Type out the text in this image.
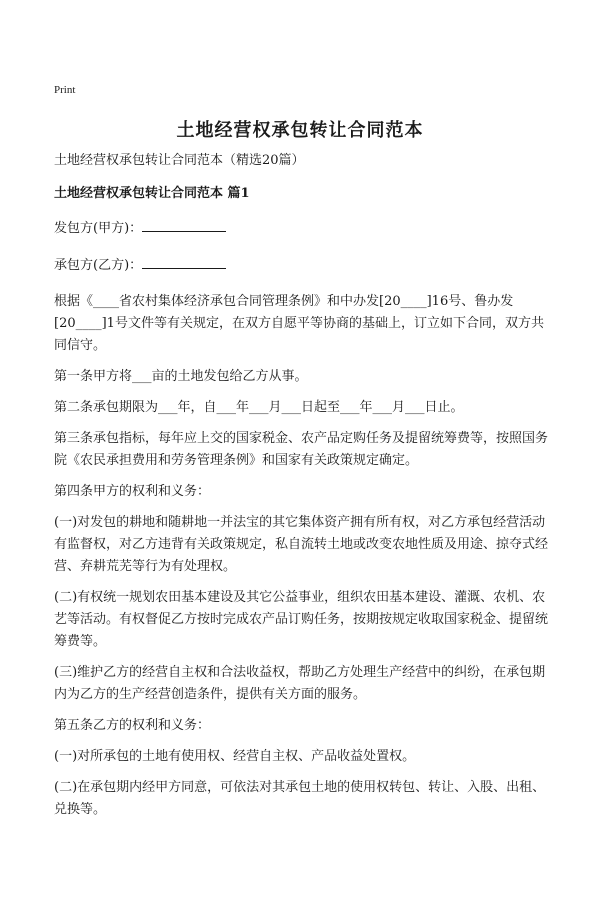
Print
土地经营权承包转让合同范本

土地经营权承包转让合同范本（精选20篇）

土地经营权承包转让合同范本 篇1

发包方(甲方)：

承包方(乙方)：

根据《____省农村集体经济承包合同管理条例》和中办发[20____]16号、鲁办发[20____]1号文件等有关规定，在双方自愿平等协商的基础上，订立如下合同，双方共同信守。

第一条甲方将___亩的土地发包给乙方从事。

第二条承包期限为___年，自___年___月___日起至___年___月___日止。

第三条承包指标，每年应上交的国家税金、农产品定购任务及提留统筹费等，按照国务院《农民承担费用和劳务管理条例》和国家有关政策规定确定。

第四条甲方的权利和义务：

(一)对发包的耕地和随耕地一并法宝的其它集体资产拥有所有权，对乙方承包经营活动有监督权，对乙方违背有关政策规定，私自流转土地或改变农地性质及用途、掠夺式经营、弃耕荒芜等行为有处理权。

(二)有权统一规划农田基本建设及其它公益事业，组织农田基本建设、灌溉、农机、农艺等活动。有权督促乙方按时完成农产品订购任务，按期按规定收取国家税金、提留统筹费等。

(三)维护乙方的经营自主权和合法收益权，帮助乙方处理生产经营中的纠纷，在承包期内为乙方的生产经营创造条件，提供有关方面的服务。

第五条乙方的权利和义务：

(一)对所承包的土地有使用权、经营自主权、产品收益处置权。

(二)在承包期内经甲方同意，可依法对其承包土地的使用权转包、转让、入股、出租、兑换等。
